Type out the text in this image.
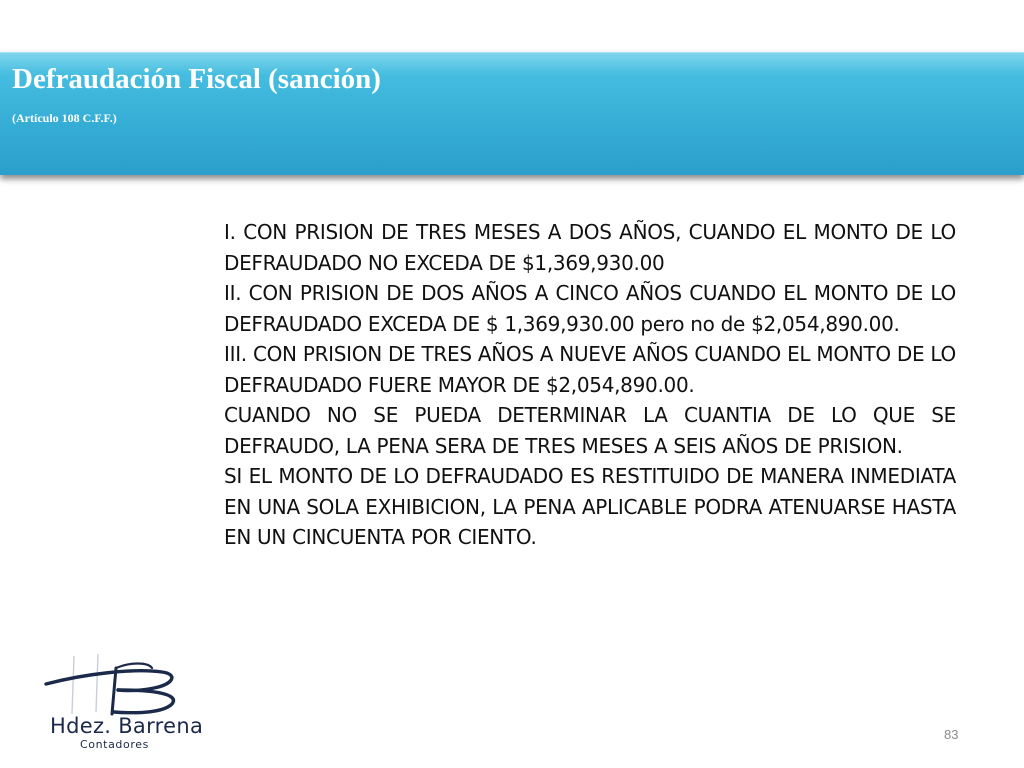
Defraudación Fiscal (sanción)
(Artículo 108 C.F.F.)

I. CON PRISION DE TRES MESES A DOS AÑOS, CUANDO EL MONTO DE LO DEFRAUDADO NO EXCEDA DE $1,369,930.00

II. CON PRISION DE DOS AÑOS A CINCO AÑOS CUANDO EL MONTO DE LO DEFRAUDADO EXCEDA DE $ 1,369,930.00 pero no de $2,054,890.00.

III. CON PRISION DE TRES AÑOS A NUEVE AÑOS CUANDO EL MONTO DE LO DEFRAUDADO FUERE MAYOR DE $2,054,890.00.

CUANDO NO SE PUEDA DETERMINAR LA CUANTIA DE LO QUE SE DEFRAUDO, LA PENA SERA DE TRES MESES A SEIS AÑOS DE PRISION.

SI EL MONTO DE LO DEFRAUDADO ES RESTITUIDO DE MANERA INMEDIATA EN UNA SOLA EXHIBICION, LA PENA APLICABLE PODRA ATENUARSE HASTA EN UN CINCUENTA POR CIENTO.

Hdez. Barrena
Contadores
83
